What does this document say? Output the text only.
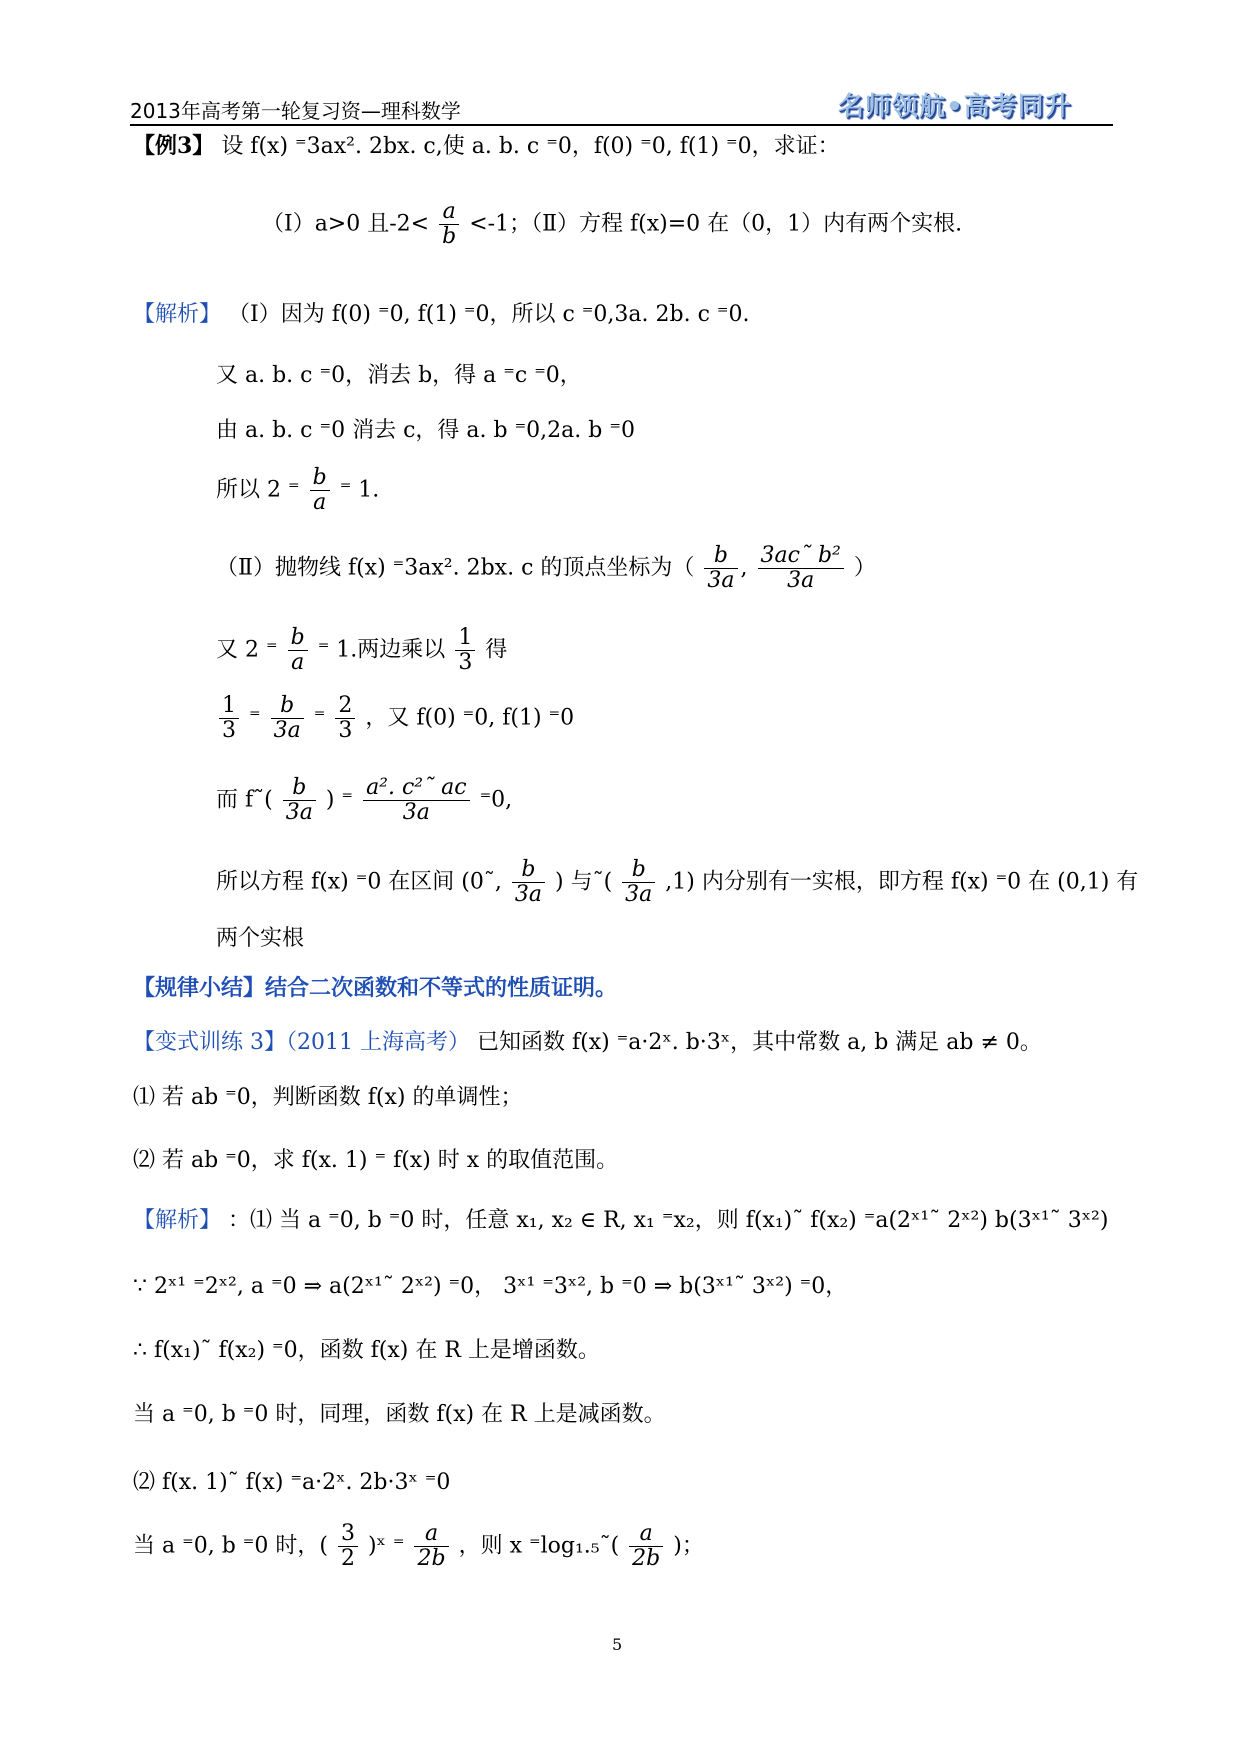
2013年高考第一轮复习资—理科数学	名师领航•高考同升
【例3】 设 f(x) ⁼3ax². 2bx. c,使 a. b. c ⁼0，f(0) ⁼0, f(1) ⁼0，求证：
（Ⅰ）a>0 且$-2< \frac{a}{b} <-1$；（Ⅱ）方程 f(x)=0 在（0，1）内有两个实根.
【解析】 （Ⅰ）因为 f(0) ⁼0, f(1) ⁼0，所以 c ⁼0,3a. 2b. c ⁼0.
又 a. b. c ⁼0，消去 b，得 a ⁼c ⁼0，
由 a. b. c ⁼0 消去 c，得 a. b ⁼0,2a. b ⁼0
所以 2 ⁼ $\frac{b}{a}$ ⁼ 1.
（Ⅱ）抛物线 f(x) ⁼3ax². 2bx. c 的顶点坐标为（ $\frac{b}{3a}$ , $\frac{\text{3ac˜ b²}}{3a}$ ）
又 2 ⁼ $\frac{b}{a}$ ⁼ 1.两边乘以 $\frac{1}{3}$ 得
$\frac{1}{3}$ ⁼ $\frac{b}{3a}$ ⁼ $\frac{2}{3}$ ，又 f(0) ⁼0, f(1) ⁼0
而 f˜( $\frac{b}{3a}$ ) ⁼ $\frac{\text{a². c²˜ ac}}{3a} ^=0$,
所以方程 f(x) ⁼0 在区间 (0˜, $\frac{b}{3a}$ ) 与˜( $\frac{b}{3a} ,1$) 内分别有一实根，即方程 f(x) ⁼0 在 (0,1) 有
两个实根
【规律小结】结合二次函数和不等式的性质证明。
【变式训练 3】（2011 上海高考） 已知函数 f(x) ⁼a·2ˣ. b·3ˣ，其中常数 a, b 满足 ab ≠ 0。
⑴ 若 ab ⁼0，判断函数 f(x) 的单调性；
⑵ 若 ab ⁼0，求 f(x. 1) ⁼ f(x) 时 x 的取值范围。
【解析】 ：⑴ 当 a ⁼0, b ⁼0 时，任意 x₁, x₂ ∈ R, x₁ ⁼x₂，则 f(x₁)˜ f(x₂) ⁼a(2ˣ¹˜ 2ˣ²) b(3ˣ¹˜ 3ˣ²)
∵ 2ˣ¹ ⁼2ˣ², a ⁼0 ⇒ a(2ˣ¹˜ 2ˣ²) ⁼0， 3ˣ¹ ⁼3ˣ², b ⁼0 ⇒ b(3ˣ¹˜ 3ˣ²) ⁼0，
∴ f(x₁)˜ f(x₂) ⁼0，函数 f(x) 在 R 上是增函数。
当 a ⁼0, b ⁼0 时，同理，函数 f(x) 在 R 上是减函数。
⑵ f(x. 1)˜ f(x) ⁼a·2ˣ. 2b·3ˣ ⁼0
当 a ⁼0, b ⁼0 时，( $\frac{3}{2}$ )ˣ ⁼ $\frac{a}{2b}$ ，则 x ⁼log₁.₅˜( $\frac{a}{2b}$ )；
5
